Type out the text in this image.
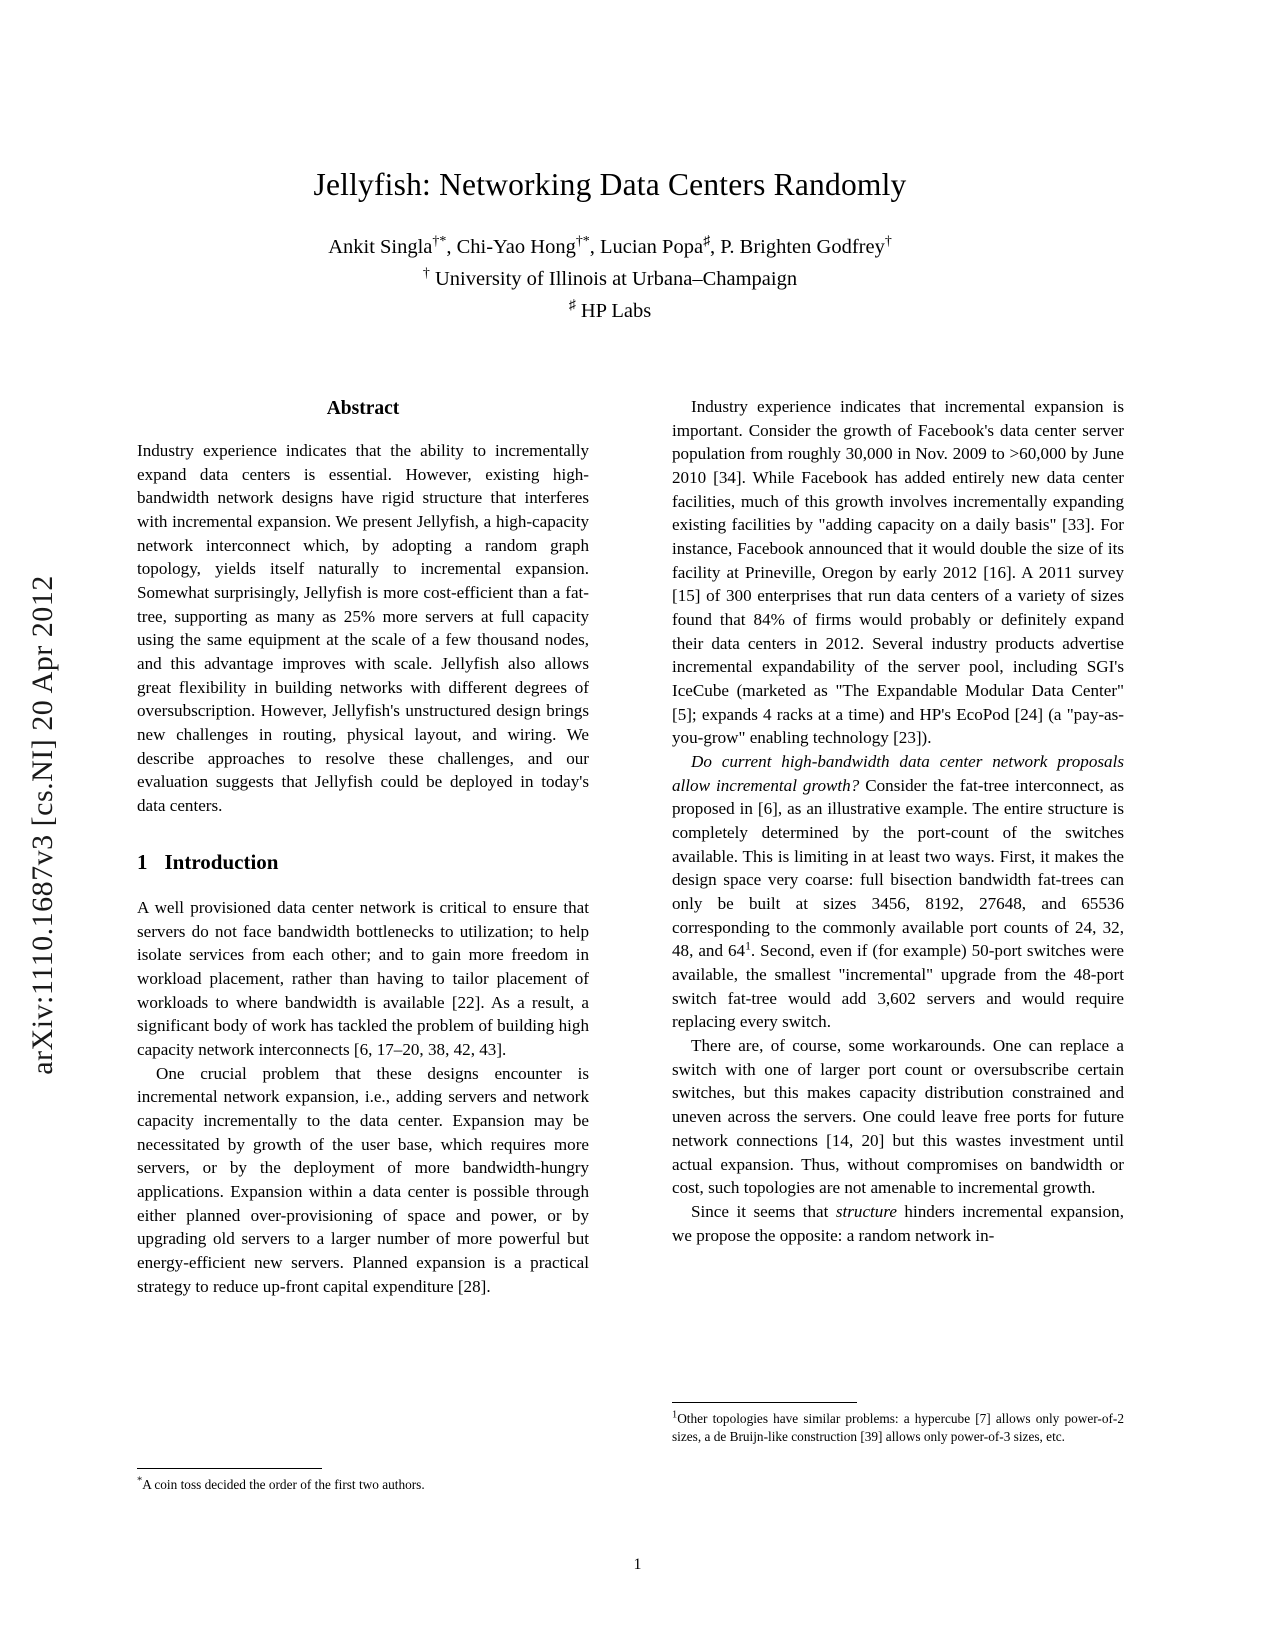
arXiv:1110.1687v3 [cs.NI] 20 Apr 2012
Jellyfish: Networking Data Centers Randomly

Ankit Singla†*, Chi-Yao Hong†*, Lucian Popa♯, P. Brighten Godfrey†

† University of Illinois at Urbana–Champaign

♯ HP Labs

Abstract

Industry experience indicates that the ability to incrementally expand data centers is essential. However, existing high-bandwidth network designs have rigid structure that interferes with incremental expansion. We present Jellyfish, a high-capacity network interconnect which, by adopting a random graph topology, yields itself naturally to incremental expansion. Somewhat surprisingly, Jellyfish is more cost-efficient than a fat-tree, supporting as many as 25% more servers at full capacity using the same equipment at the scale of a few thousand nodes, and this advantage improves with scale. Jellyfish also allows great flexibility in building networks with different degrees of oversubscription. However, Jellyfish's unstructured design brings new challenges in routing, physical layout, and wiring. We describe approaches to resolve these challenges, and our evaluation suggests that Jellyfish could be deployed in today's data centers.

1 Introduction

A well provisioned data center network is critical to ensure that servers do not face bandwidth bottlenecks to utilization; to help isolate services from each other; and to gain more freedom in workload placement, rather than having to tailor placement of workloads to where bandwidth is available [22]. As a result, a significant body of work has tackled the problem of building high capacity network interconnects [6, 17–20, 38, 42, 43].

One crucial problem that these designs encounter is incremental network expansion, i.e., adding servers and network capacity incrementally to the data center. Expansion may be necessitated by growth of the user base, which requires more servers, or by the deployment of more bandwidth-hungry applications. Expansion within a data center is possible through either planned over-provisioning of space and power, or by upgrading old servers to a larger number of more powerful but energy-efficient new servers. Planned expansion is a practical strategy to reduce up-front capital expenditure [28].

Industry experience indicates that incremental expansion is important. Consider the growth of Facebook's data center server population from roughly 30,000 in Nov. 2009 to >60,000 by June 2010 [34]. While Facebook has added entirely new data center facilities, much of this growth involves incrementally expanding existing facilities by "adding capacity on a daily basis" [33]. For instance, Facebook announced that it would double the size of its facility at Prineville, Oregon by early 2012 [16]. A 2011 survey [15] of 300 enterprises that run data centers of a variety of sizes found that 84% of firms would probably or definitely expand their data centers in 2012. Several industry products advertise incremental expandability of the server pool, including SGI's IceCube (marketed as "The Expandable Modular Data Center" [5]; expands 4 racks at a time) and HP's EcoPod [24] (a "pay-as-you-grow" enabling technology [23]).

Do current high-bandwidth data center network proposals allow incremental growth? Consider the fat-tree interconnect, as proposed in [6], as an illustrative example. The entire structure is completely determined by the port-count of the switches available. This is limiting in at least two ways. First, it makes the design space very coarse: full bisection bandwidth fat-trees can only be built at sizes 3456, 8192, 27648, and 65536 corresponding to the commonly available port counts of 24, 32, 48, and $64^1$. Second, even if (for example) 50-port switches were available, the smallest "incremental" upgrade from the 48-port switch fat-tree would add 3,602 servers and would require replacing every switch.

There are, of course, some workarounds. One can replace a switch with one of larger port count or oversubscribe certain switches, but this makes capacity distribution constrained and uneven across the servers. One could leave free ports for future network connections [14, 20] but this wastes investment until actual expansion. Thus, without compromises on bandwidth or cost, such topologies are not amenable to incremental growth.

Since it seems that structure hinders incremental expansion, we propose the opposite: a random network in-

*A coin toss decided the order of the first two authors.

$^1$Other topologies have similar problems: a hypercube [7] allows only power-of-2 sizes, a de Bruijn-like construction [39] allows only power-of-3 sizes, etc.

1
